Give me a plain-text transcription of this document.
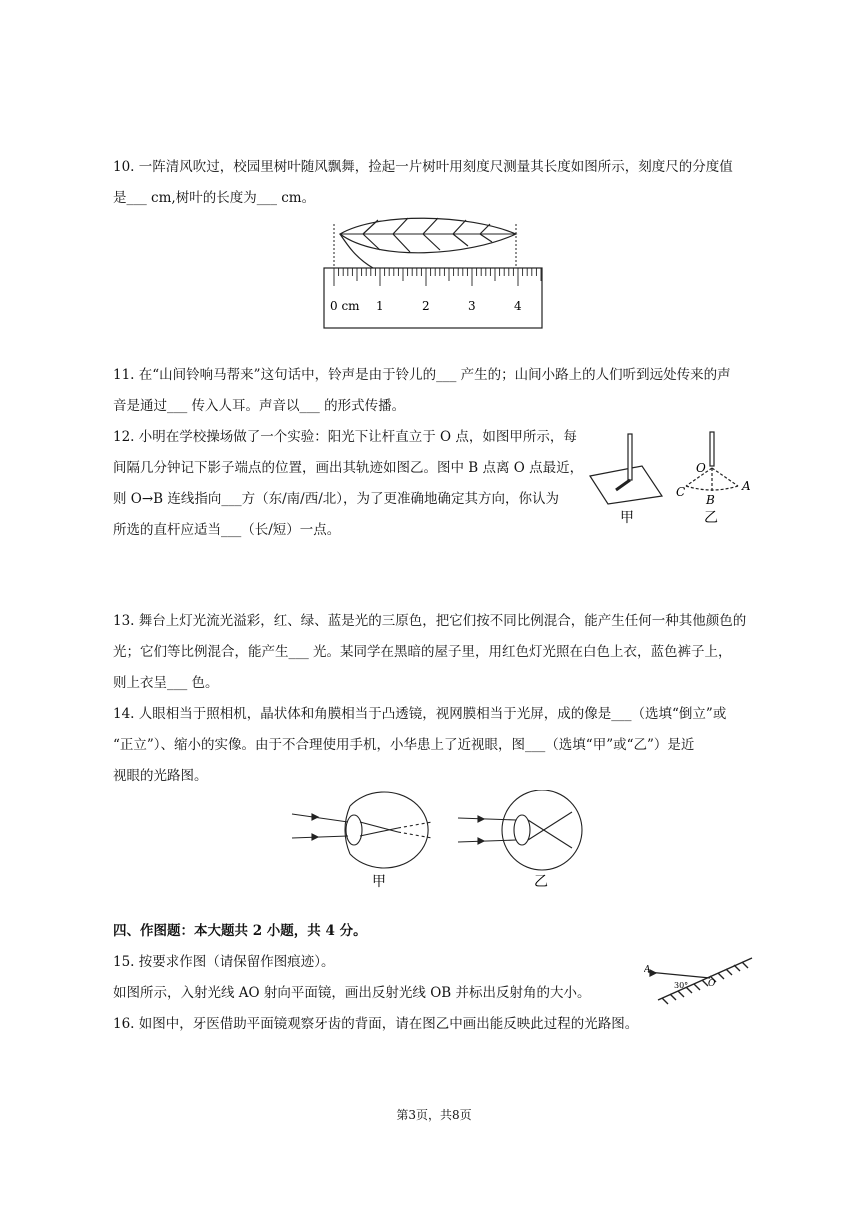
10. 一阵清风吹过，校园里树叶随风飘舞，捡起一片树叶用刻度尺测量其长度如图所示，刻度尺的分度值
是___ cm,树叶的长度为___ cm。
0 cm 1	2	3	4
11. 在“山间铃响马帮来”这句话中，铃声是由于铃儿的___ 产生的；山间小路上的人们听到远处传来的声
音是通过___ 传入人耳。声音以___ 的形式传播。
12. 小明在学校操场做了一个实验：阳光下让杆直立于 O 点，如图甲所示，每
间隔几分钟记下影子端点的位置，画出其轨迹如图乙。图中 B 点离 O 点最近，
则 O→B 连线指向___方（东/南/西/北），为了更准确地确定其方向，你认为
所选的直杆应适当___（长/短）一点。
甲
O
A
B
C
乙
13. 舞台上灯光流光溢彩，红、绿、蓝是光的三原色，把它们按不同比例混合，能产生任何一种其他颜色的
光；它们等比例混合，能产生___ 光。某同学在黑暗的屋子里，用红色灯光照在白色上衣，蓝色裤子上，
则上衣呈___ 色。
14. 人眼相当于照相机，晶状体和角膜相当于凸透镜，视网膜相当于光屏，成的像是___（选填“倒立”或
“正立”）、缩小的实像。由于不合理使用手机，小华患上了近视眼，图___（选填“甲”或“乙”）是近
视眼的光路图。
甲	乙
四、作图题：本大题共 2 小题，共 4 分。
15. 按要求作图（请保留作图痕迹）。
如图所示，入射光线 AO 射向平面镜，画出反射光线 OB 并标出反射角的大小。
A
30° O
16. 如图中，牙医借助平面镜观察牙齿的背面，请在图乙中画出能反映此过程的光路图。
第3页，共8页
